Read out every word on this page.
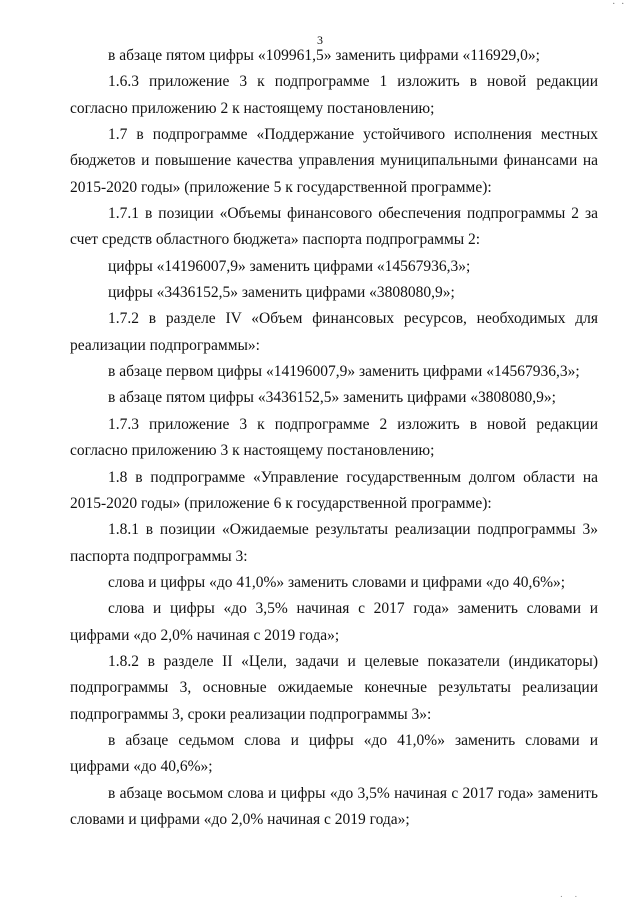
. .
3

в абзаце пятом цифры «109961,5» заменить цифрами «116929,0»;

1.6.3 приложение 3 к подпрограмме 1 изложить в новой редакции согласно приложению 2 к настоящему постановлению;

1.7 в подпрограмме «Поддержание устойчивого исполнения местных бюджетов и повышение качества управления муниципальными финансами на 2015-2020 годы» (приложение 5 к государственной программе):

1.7.1 в позиции «Объемы финансового обеспечения подпрограммы 2 за счет средств областного бюджета» паспорта подпрограммы 2:

цифры «14196007,9» заменить цифрами «14567936,3»;

цифры «3436152,5» заменить цифрами «3808080,9»;

1.7.2 в разделе IV «Объем финансовых ресурсов, необходимых для реализации подпрограммы»:

в абзаце первом цифры «14196007,9» заменить цифрами «14567936,3»;

в абзаце пятом цифры «3436152,5» заменить цифрами «3808080,9»;

1.7.3 приложение 3 к подпрограмме 2 изложить в новой редакции согласно приложению 3 к настоящему постановлению;

1.8 в подпрограмме «Управление государственным долгом области на 2015-2020 годы» (приложение 6 к государственной программе):

1.8.1 в позиции «Ожидаемые результаты реализации подпрограммы 3» паспорта подпрограммы 3:

слова и цифры «до 41,0%» заменить словами и цифрами «до 40,6%»;

слова и цифры «до 3,5% начиная с 2017 года» заменить словами и цифрами «до 2,0% начиная с 2019 года»;

1.8.2 в разделе II «Цели, задачи и целевые показатели (индикаторы) подпрограммы 3, основные ожидаемые конечные результаты реализации подпрограммы 3, сроки реализации подпрограммы 3»:

в абзаце седьмом слова и цифры «до 41,0%» заменить словами и цифрами «до 40,6%»;

в абзаце восьмом слова и цифры «до 3,5% начиная с 2017 года» заменить словами и цифрами «до 2,0% начиная с 2019 года»;

. .
